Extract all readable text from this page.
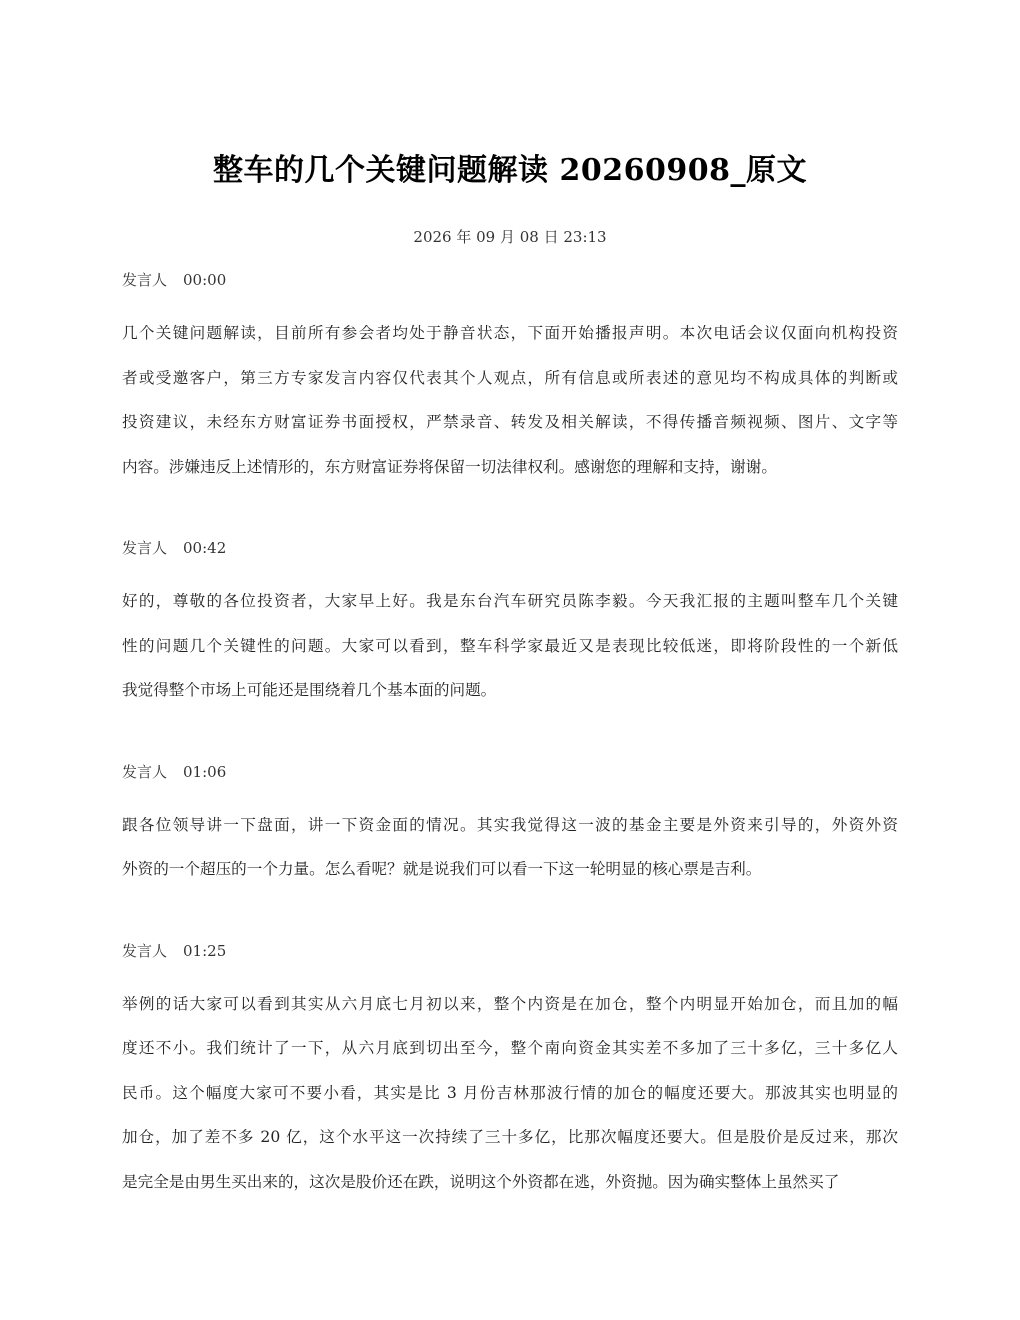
整车的几个关键问题解读 20260908_原文
2026 年 09 月 08 日 23:13
发言人 00:00
几个关键问题解读，目前所有参会者均处于静音状态，下面开始播报声明。本次电话会议仅面向机构投资
者或受邀客户，第三方专家发言内容仅代表其个人观点，所有信息或所表述的意见均不构成具体的判断或
投资建议，未经东方财富证券书面授权，严禁录音、转发及相关解读，不得传播音频视频、图片、文字等
内容。涉嫌违反上述情形的，东方财富证券将保留一切法律权利。感谢您的理解和支持，谢谢。
发言人 00:42
好的，尊敬的各位投资者，大家早上好。我是东台汽车研究员陈李毅。今天我汇报的主题叫整车几个关键
性的问题几个关键性的问题。大家可以看到，整车科学家最近又是表现比较低迷，即将阶段性的一个新低
我觉得整个市场上可能还是围绕着几个基本面的问题。
发言人 01:06
跟各位领导讲一下盘面，讲一下资金面的情况。其实我觉得这一波的基金主要是外资来引导的，外资外资
外资的一个超压的一个力量。怎么看呢？就是说我们可以看一下这一轮明显的核心票是吉利。
发言人 01:25
举例的话大家可以看到其实从六月底七月初以来，整个内资是在加仓，整个内明显开始加仓，而且加的幅
度还不小。我们统计了一下，从六月底到切出至今，整个南向资金其实差不多加了三十多亿，三十多亿人
民币。这个幅度大家可不要小看，其实是比 3 月份吉林那波行情的加仓的幅度还要大。那波其实也明显的
加仓，加了差不多 20 亿，这个水平这一次持续了三十多亿，比那次幅度还要大。但是股价是反过来，那次
是完全是由男生买出来的，这次是股价还在跌，说明这个外资都在逃，外资抛。因为确实整体上虽然买了
